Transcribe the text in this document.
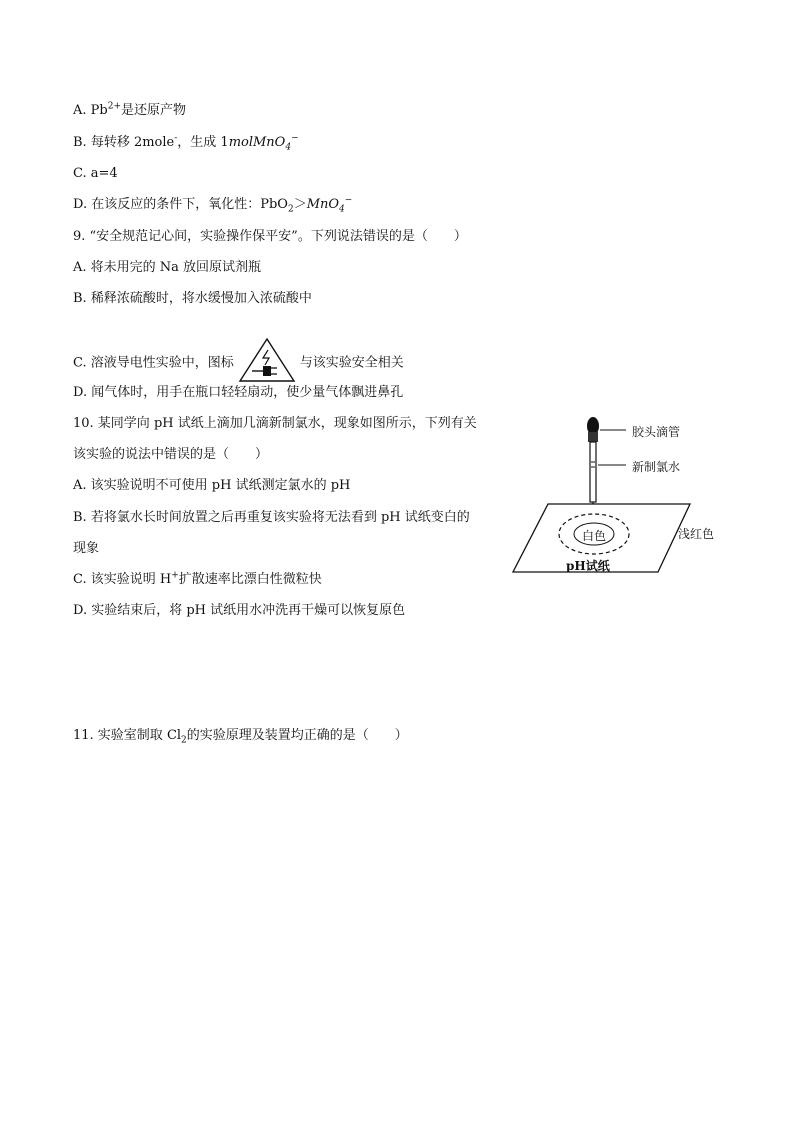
A. $Pb^{2+}$是还原产物
B. 每转移 2mole-，生成 1molMnO$_4$−
C. a=4
D. 在该反应的条件下，氧化性：PbO$_2$＞MnO$_4$−
9. “安全规范记心间，实验操作保平安”。下列说法错误的是（　　）
A. 将未用完的 Na 放回原试剂瓶
B. 稀释浓硫酸时，将水缓慢加入浓硫酸中
C. 溶液导电性实验中，图标	与该实验安全相关
D. 闻气体时，用手在瓶口轻轻扇动，使少量气体飘进鼻孔
10. 某同学向 pH 试纸上滴加几滴新制氯水，现象如图所示，下列有关
该实验的说法中错误的是（　　）
A. 该实验说明不可使用 pH 试纸测定氯水的 pH
B. 若将氯水长时间放置之后再重复该实验将无法看到 pH 试纸变白的
现象
C. 该实验说明 H+扩散速率比漂白性微粒快
D. 实验结束后，将 pH 试纸用水冲洗再干燥可以恢复原色
胶头滴管
新制氯水
浅红色
白色
pH试纸
11. 实验室制取 $Cl_2$的实验原理及装置均正确的是（　　）
